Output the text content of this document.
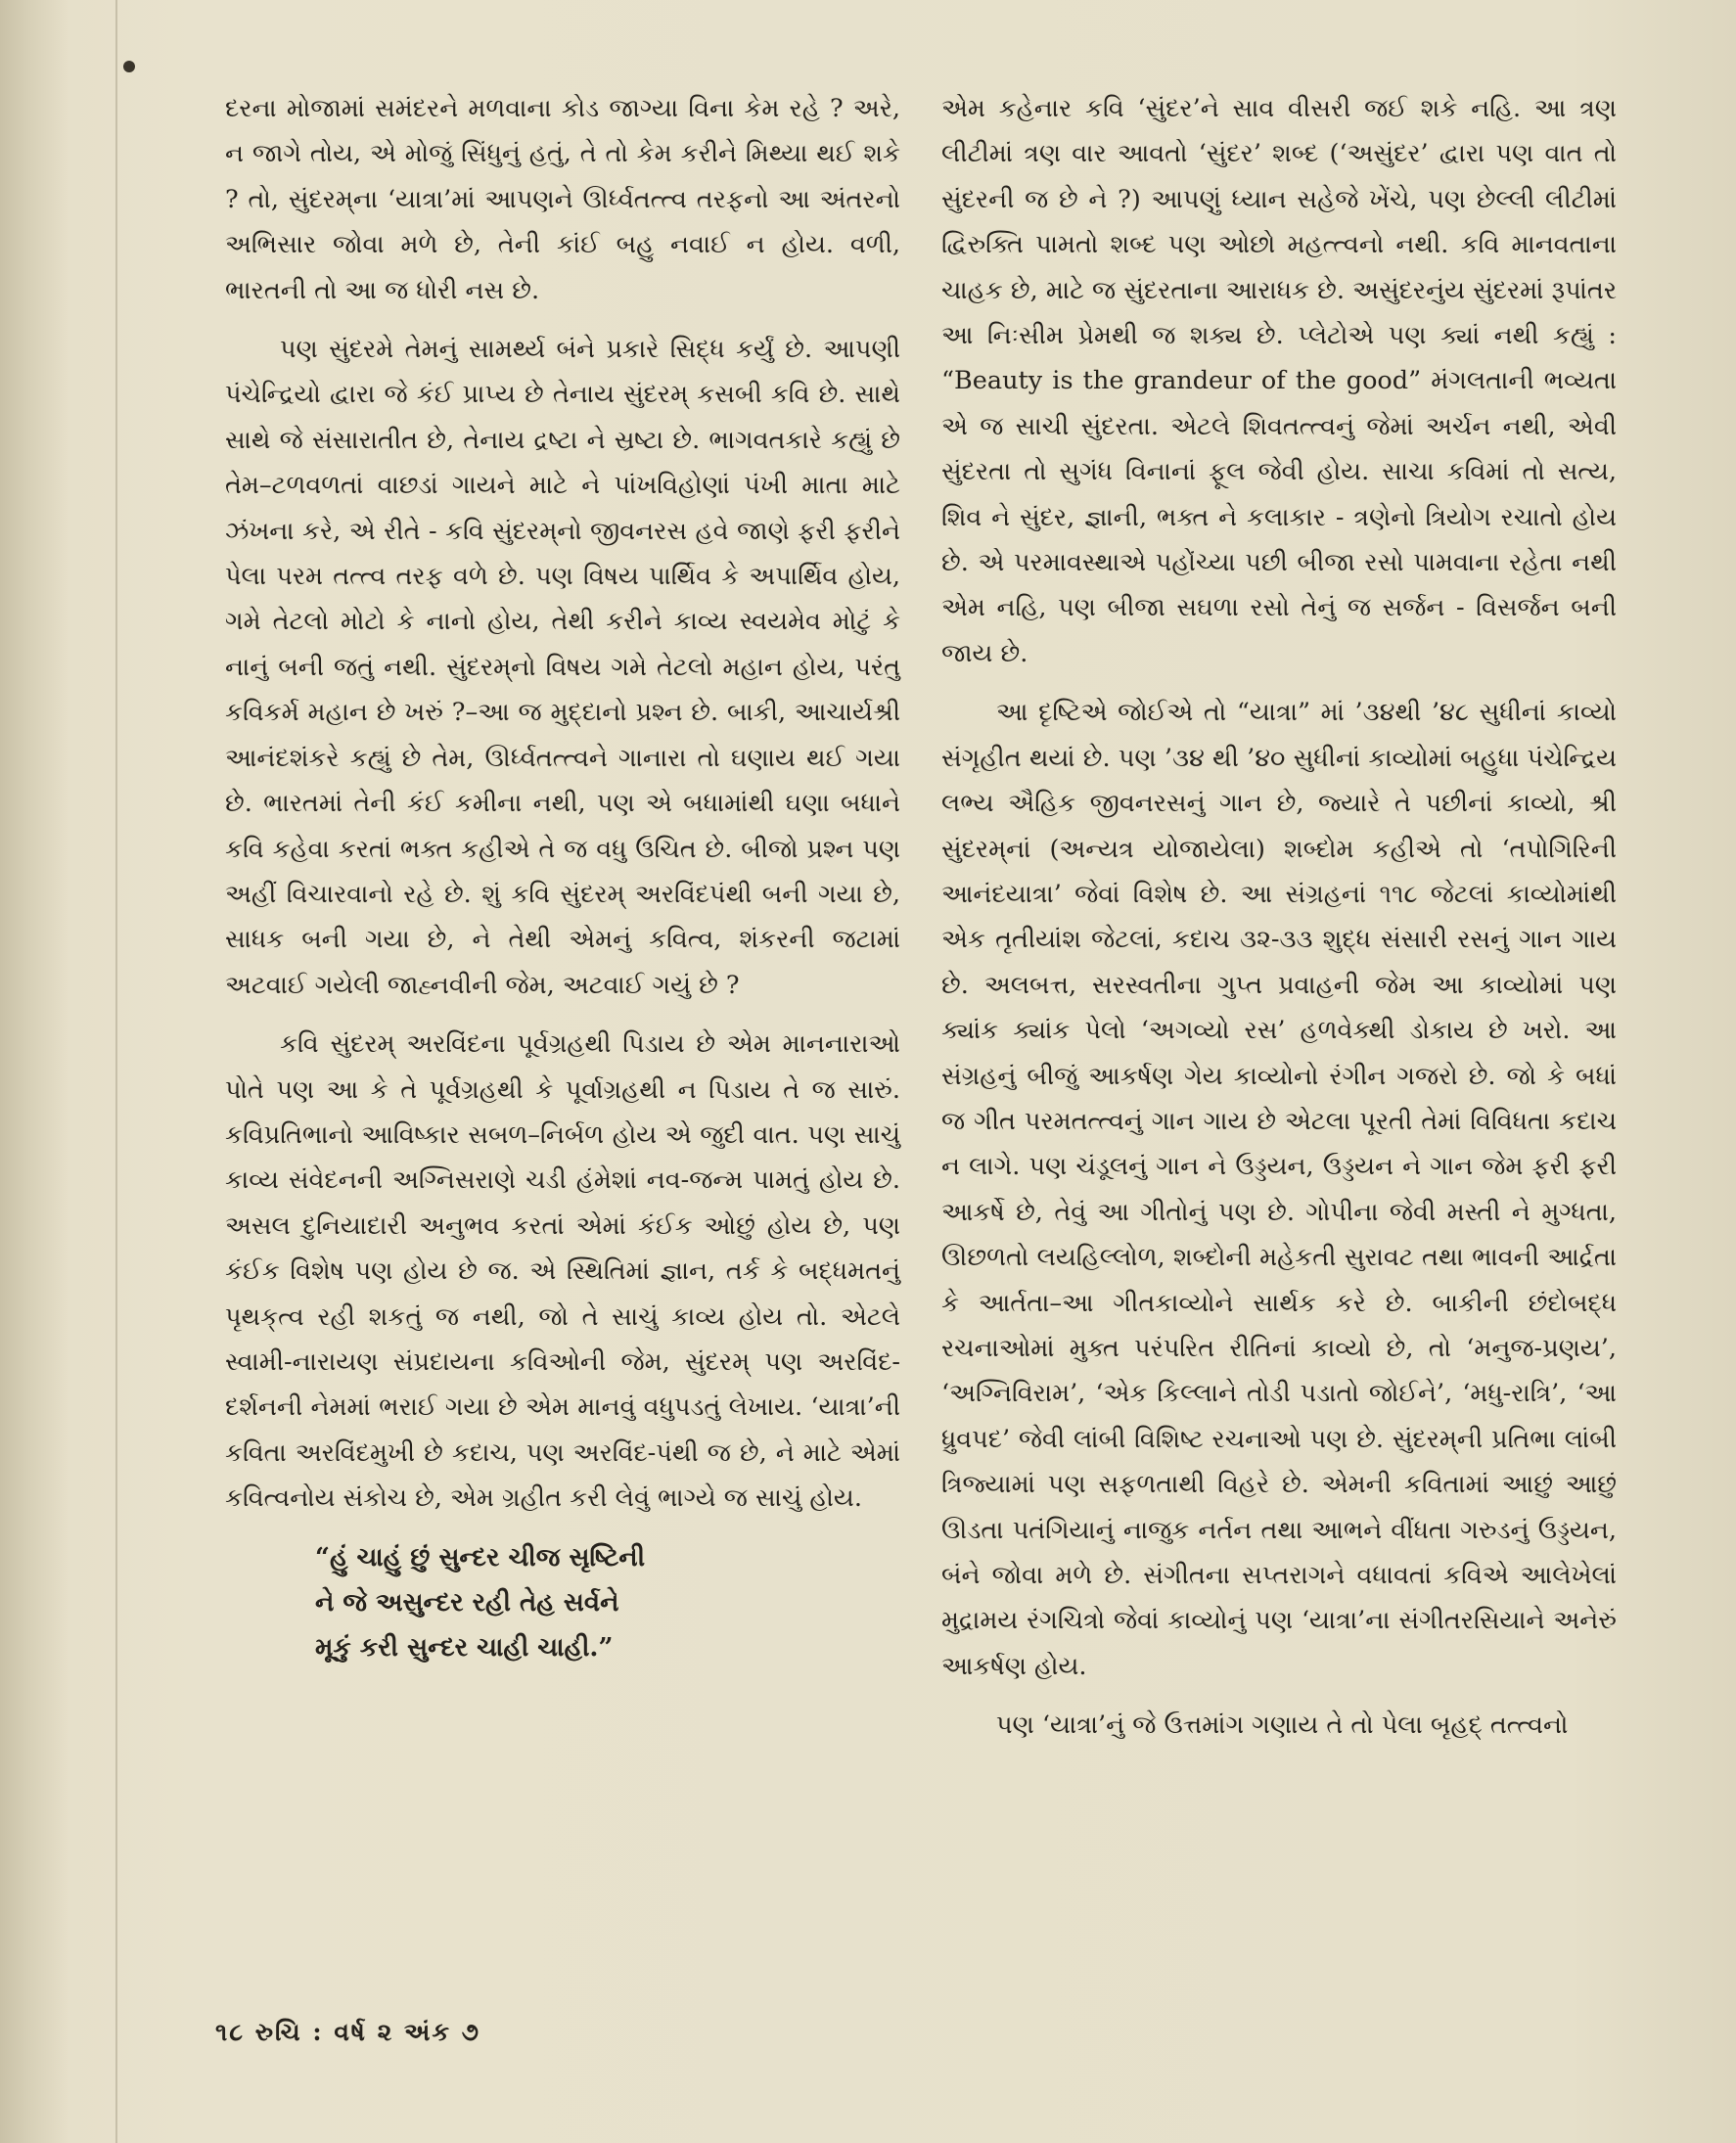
દરના મોજામાં સમંદરને મળવાના કોડ જાગ્યા વિના કેમ રહે ? અરે, ન જાગે તોય, એ મોજું સિંધુનું હતું, તે તો કેમ કરીને મિથ્યા થઈ શકે ? તો, સુંદરમ્‌ના ‘યાત્રા’માં આપણને ઊર્ધ્વતત્ત્વ તરફનો આ અંતરનો અભિસાર જોવા મળે છે, તેની કાંઈ બહુ નવાઈ ન હોય. વળી, ભારતની તો આ જ ધોરી નસ છે.

પણ સુંદરમે તેમનું સામર્થ્ય બંને પ્રકારે સિદ્ધ કર્યું છે. આપણી પંચેન્દ્રિયો દ્વારા જે કંઈ પ્રાપ્ય છે તેનાય સુંદરમ્‌ કસબી કવિ છે. સાથે સાથે જે સંસારાતીત છે, તેનાય દ્રષ્ટા ને સ્રષ્ટા છે. ભાગવતકારે કહ્યું છે તેમ–ટળવળતાં વાછડાં ગાયને માટે ને પાંખવિહોણાં પંખી માતા માટે ઝંખના કરે, એ રીતે - કવિ સુંદરમ્‌નો જીવનરસ હવે જાણે ફરી ફરીને પેલા પરમ તત્ત્વ તરફ વળે છે. પણ વિષય પાર્થિવ કે અપાર્થિવ હોય, ગમે તેટલો મોટો કે નાનો હોય, તેથી કરીને કાવ્ય સ્વયમેવ મોટું કે નાનું બની જતું નથી. સુંદરમ્‌નો વિષય ગમે તેટલો મહાન હોય, પરંતુ કવિકર્મ મહાન છે ખરું ?–આ જ મુદ્દાનો પ્રશ્ન છે. બાકી, આચાર્યશ્રી આનંદશંકરે કહ્યું છે તેમ, ઊર્ધ્વતત્ત્વને ગાનારા તો ઘણાય થઈ ગયા છે. ભારતમાં તેની કંઈ કમીના નથી, પણ એ બધામાંથી ઘણા બધાને કવિ કહેવા કરતાં ભક્ત કહીએ તે જ વધુ ઉચિત છે. બીજો પ્રશ્ન પણ અહીં વિચારવાનો રહે છે. શું કવિ સુંદરમ્‌ અરવિંદપંથી બની ગયા છે, સાધક બની ગયા છે, ને તેથી એમનું કવિત્વ, શંકરની જટામાં અટવાઈ ગયેલી જાહ્નવીની જેમ, અટવાઈ ગયું છે ?

કવિ સુંદરમ્‌ અરવિંદના પૂર્વગ્રહથી પિડાય છે એમ માનનારાઓ પોતે પણ આ કે તે પૂર્વગ્રહથી કે પૂર્વાગ્રહથી ન પિડાય તે જ સારું. કવિપ્રતિભાનો આવિષ્કાર સબળ–નિર્બળ હોય એ જુદી વાત. પણ સાચું કાવ્ય સંવેદનની અગ્નિસરાણે ચડી હંમેશાં નવ-જન્મ પામતું હોય છે. અસલ દુનિયાદારી અનુભવ કરતાં એમાં કંઈક ઓછું હોય છે, પણ કંઈક વિશેષ પણ હોય છે જ. એ સ્થિતિમાં જ્ઞાન, તર્ક કે બદ્ધમતનું પૃથક્‌ત્વ રહી શકતું જ નથી, જો તે સાચું કાવ્ય હોય તો. એટલે સ્વામી-નારાયણ સંપ્રદાયના કવિઓની જેમ, સુંદરમ્‌ પણ અરવિંદ-દર્શનની નેમમાં ભરાઈ ગયા છે એમ માનવું વધુપડતું લેખાય. ‘યાત્રા’ની કવિતા અરવિંદમુખી છે કદાચ, પણ અરવિંદ-પંથી જ છે, ને માટે એમાં કવિત્વનોય સંકોચ છે, એમ ગ્રહીત કરી લેવું ભાગ્યે જ સાચું હોય.

“હું ચાહું છું સુન્દર ચીજ સૃષ્ટિની
ને જે અસુન્દર રહી તેહ સર્વને
મૂકું કરી સુન્દર ચાહી ચાહી.”

એમ કહેનાર કવિ ‘સુંદર’ને સાવ વીસરી જઈ શકે નહિ. આ ત્રણ લીટીમાં ત્રણ વાર આવતો ‘સુંદર’ શબ્દ (‘અસુંદર’ દ્વારા પણ વાત તો સુંદરની જ છે ને ?) આપણું ધ્યાન સહેજે ખેંચે, પણ છેલ્લી લીટીમાં દ્વિરુક્તિ પામતો શબ્દ પણ ઓછો મહત્ત્વનો નથી. કવિ માનવતાના ચાહક છે, માટે જ સુંદરતાના આરાધક છે. અસુંદરનુંય સુંદરમાં રૂપાંતર આ નિઃસીમ પ્રેમથી જ શક્ય છે. પ્લેટોએ પણ ક્યાં નથી કહ્યું : “Beauty is the grandeur of the good” મંગલતાની ભવ્યતા એ જ સાચી સુંદરતા. એટલે શિવતત્ત્વનું જેમાં અર્ચન નથી, એવી સુંદરતા તો સુગંધ વિનાનાં ફૂલ જેવી હોય. સાચા કવિમાં તો સત્ય, શિવ ને સુંદર, જ્ઞાની, ભક્ત ને કલાકાર - ત્રણેનો ત્રિયોગ રચાતો હોય છે. એ પરમાવસ્થાએ પહોંચ્યા પછી બીજા રસો પામવાના રહેતા નથી એમ નહિ, પણ બીજા સઘળા રસો તેનું જ સર્જન - વિસર્જન બની જાય છે.

આ દૃષ્ટિએ જોઈએ તો “યાત્રા” માં ’૩૪થી ’૪૮ સુધીનાં કાવ્યો સંગૃહીત થયાં છે. પણ ’૩૪ થી ’૪૦ સુધીનાં કાવ્યોમાં બહુધા પંચેન્દ્રિય લભ્ય ઐહિક જીવનરસનું ગાન છે, જ્યારે તે પછીનાં કાવ્યો, શ્રી સુંદરમ્‌નાં (અન્યત્ર યોજાયેલા) શબ્દોમ કહીએ તો ‘તપોગિરિની આનંદયાત્રા’ જેવાં વિશેષ છે. આ સંગ્રહનાં ૧૧૮ જેટલાં કાવ્યોમાંથી એક તૃતીયાંશ જેટલાં, કદાચ ૩૨-૩૩ શુદ્ધ સંસારી રસનું ગાન ગાય છે. અલબત્ત, સરસ્વતીના ગુપ્ત પ્રવાહની જેમ આ કાવ્યોમાં પણ ક્યાંક ક્યાંક પેલો ‘અગવ્યો રસ’ હળવેક્થી ડોકાય છે ખરો. આ સંગ્રહનું બીજું આકર્ષણ ગેય કાવ્યોનો રંગીન ગજરો છે. જો કે બધાં જ ગીત પરમતત્ત્વનું ગાન ગાય છે એટલા પૂરતી તેમાં વિવિધતા કદાચ ન લાગે. પણ ચંડૂલનું ગાન ને ઉડ્ડયન, ઉડ્ડયન ને ગાન જેમ ફરી ફરી આકર્ષે છે, તેવું આ ગીતોનું પણ છે. ગોપીના જેવી મસ્તી ને મુગ્ધતા, ઊછળતો લયહિલ્લોળ, શબ્દોની મહેકતી સુરાવટ તથા ભાવની આર્દ્રતા કે આર્તતા–આ ગીતકાવ્યોને સાર્થક કરે છે. બાકીની છંદોબદ્ધ રચનાઓમાં મુક્ત પરંપરિત રીતિનાં કાવ્યો છે, તો ‘મનુજ-પ્રણય’, ‘અગ્નિવિરામ’, ‘એક કિલ્લાને તોડી પડાતો જોઈને’, ‘મધુ-રાત્રિ’, ‘આ ધ્રુવપદ’ જેવી લાંબી વિશિષ્ટ રચનાઓ પણ છે. સુંદરમ્‌ની પ્રતિભા લાંબી ત્રિજ્યામાં પણ સફળતાથી વિહરે છે. એમની કવિતામાં આછું આછું ઊડતા પતંગિયાનું નાજુક નર્તન તથા આભને વીંધતા ગરુડનું ઉડ્ડયન, બંને જોવા મળે છે. સંગીતના સપ્તરાગને વધાવતાં કવિએ આલેખેલાં મુદ્રામય રંગચિત્રો જેવાં કાવ્યોનું પણ ‘યાત્રા’ના સંગીતરસિયાને અનેરું આકર્ષણ હોય.

પણ ‘યાત્રા’નું જે ઉત્તમાંગ ગણાય તે તો પેલા બૃહદ્‌ તત્ત્વનો

૧૮ રુચિ : વર્ષ ૨ અંક ૭
